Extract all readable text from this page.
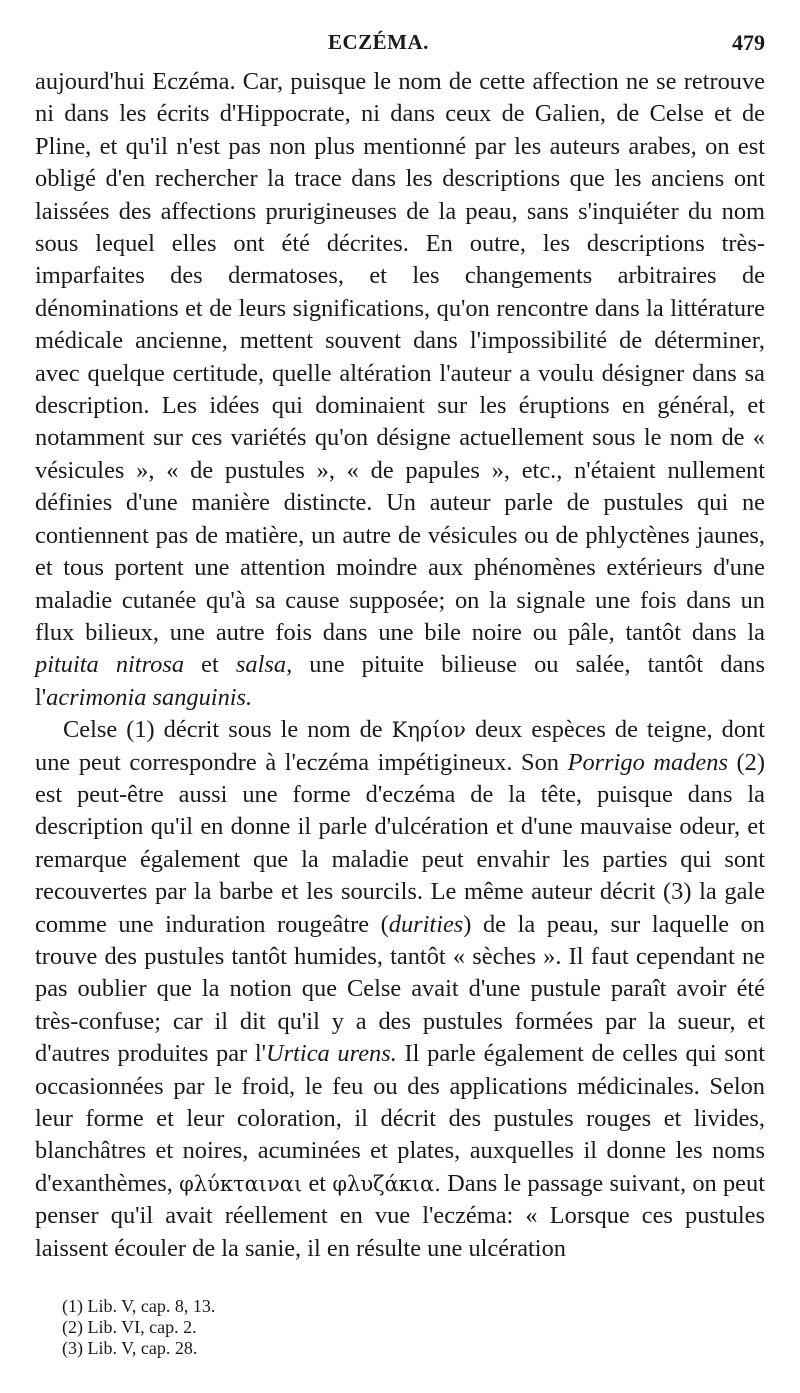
ECZÉMA.	479

aujourd'hui Eczéma. Car, puisque le nom de cette affection ne se retrouve ni dans les écrits d'Hippocrate, ni dans ceux de Galien, de Celse et de Pline, et qu'il n'est pas non plus mentionné par les auteurs arabes, on est obligé d'en rechercher la trace dans les descriptions que les anciens ont laissées des affections prurigineuses de la peau, sans s'inquiéter du nom sous lequel elles ont été décrites. En outre, les descriptions très-imparfaites des dermatoses, et les changements arbitraires de dénominations et de leurs significations, qu'on rencontre dans la littérature médicale ancienne, mettent souvent dans l'impossibilité de déterminer, avec quelque certitude, quelle altération l'auteur a voulu désigner dans sa description. Les idées qui dominaient sur les éruptions en général, et notamment sur ces variétés qu'on désigne actuellement sous le nom de « vésicules », « de pustules », « de papules », etc., n'étaient nullement définies d'une manière distincte. Un auteur parle de pustules qui ne contiennent pas de matière, un autre de vésicules ou de phlyctènes jaunes, et tous portent une attention moindre aux phénomènes extérieurs d'une maladie cutanée qu'à sa cause supposée; on la signale une fois dans un flux bilieux, une autre fois dans une bile noire ou pâle, tantôt dans la pituita nitrosa et salsa, une pituite bilieuse ou salée, tantôt dans l'acrimonia sanguinis.

Celse (1) décrit sous le nom de Κηρίον deux espèces de teigne, dont une peut correspondre à l'eczéma impétigineux. Son Porrigo madens (2) est peut-être aussi une forme d'eczéma de la tête, puisque dans la description qu'il en donne il parle d'ulcération et d'une mauvaise odeur, et remarque également que la maladie peut envahir les parties qui sont recouvertes par la barbe et les sourcils. Le même auteur décrit (3) la gale comme une induration rougeâtre (durities) de la peau, sur laquelle on trouve des pustules tantôt humides, tantôt « sèches ». Il faut cependant ne pas oublier que la notion que Celse avait d'une pustule paraît avoir été très-confuse; car il dit qu'il y a des pustules formées par la sueur, et d'autres produites par l'Urtica urens. Il parle également de celles qui sont occasionnées par le froid, le feu ou des applications médicinales. Selon leur forme et leur coloration, il décrit des pustules rouges et livides, blanchâtres et noires, acuminées et plates, auxquelles il donne les noms d'exanthèmes, φλύκταιναι et φλυζάκια. Dans le passage suivant, on peut penser qu'il avait réellement en vue l'eczéma: « Lorsque ces pustules laissent écouler de la sanie, il en résulte une ulcération

(1) Lib. V, cap. 8, 13.
(2) Lib. VI, cap. 2.
(3) Lib. V, cap. 28.
